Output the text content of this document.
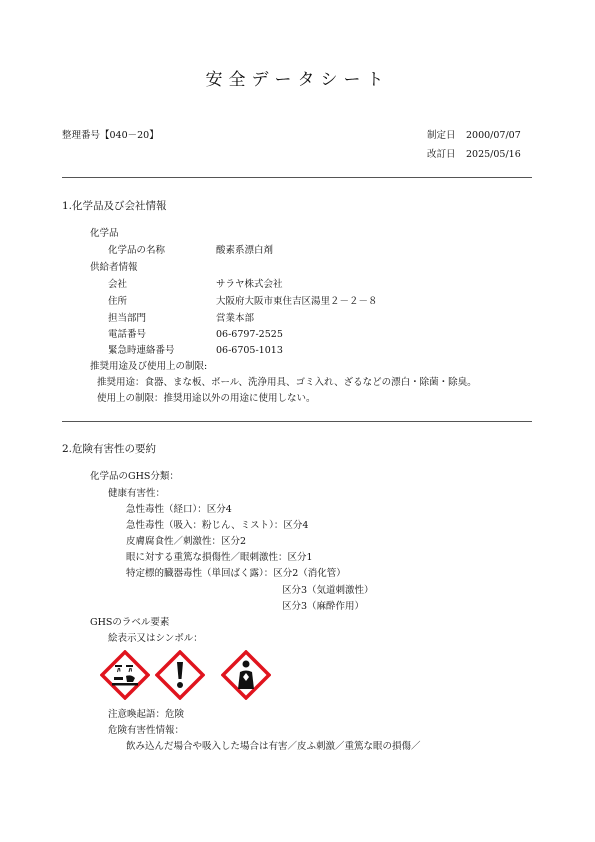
安全データシート
整理番号【040－20】	制定日 2000/07/07
改訂日 2025/05/16
1.化学品及び会社情報
化学品
化学品の名称	酸素系漂白剤
供給者情報
会社	サラヤ株式会社
住所	大阪府大阪市東住吉区湯里２－２－８
担当部門	営業本部
電話番号	06-6797-2525
緊急時連絡番号	06-6705-1013
推奨用途及び使用上の制限:
推奨用途：食器、まな板、ボール、洗浄用具、ゴミ入れ、ざるなどの漂白・除菌・除臭。
使用上の制限：推奨用途以外の用途に使用しない。
2.危険有害性の要約
化学品のGHS分類：
健康有害性：
急性毒性（経口）：区分4
急性毒性（吸入：粉じん、ミスト）：区分4
皮膚腐食性／刺激性：区分2
眼に対する重篤な損傷性／眼刺激性：区分1
特定標的臓器毒性（単回ばく露）：区分2（消化管）
区分3（気道刺激性）
区分3（麻酔作用）
GHSのラベル要素
絵表示又はシンボル：
注意喚起語：危険
危険有害性情報：
飲み込んだ場合や吸入した場合は有害／皮ふ刺激／重篤な眼の損傷／
